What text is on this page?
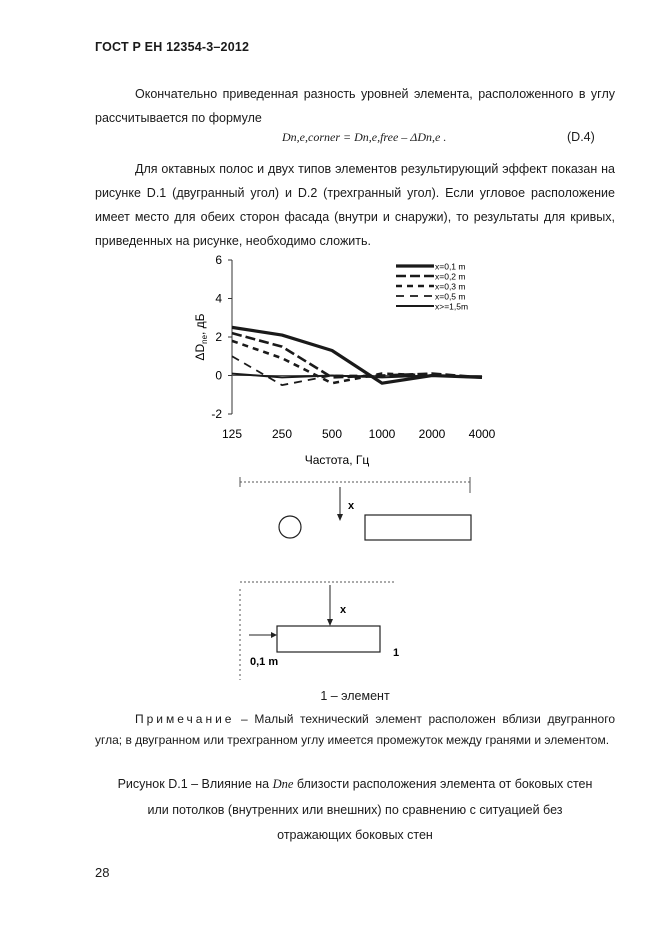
ГОСТ Р ЕН 12354-3–2012
Окончательно приведенная разность уровней элемента, расположенного в углу рассчитывается по формуле
Dn,e,corner = Dn,e,free – ΔDn,e .	(D.4)
Для октавных полос и двух типов элементов результирующий эффект показан на рисунке D.1 (двугранный угол) и D.2 (трехгранный угол). Если угловое расположение имеет место для обеих сторон фасада (внутри и снаружи), то результаты для кривых, приведенных на рисунке, необходимо сложить.
6
4
2
0
-2
125 250 500 1000 2000 4000
x=0,1 m
x=0,2 m
x=0,3 m
x=0,5 m
x>=1,5m
Частота, Гц
$\Delta D_{ne}$, дБ
x
x
0,1 m
1
1 – элемент
Примечание – Малый технический элемент расположен вблизи двугранного угла; в двугранном или трехгранном углу имеется промежуток между гранями и элементом.
Рисунок D.1 – Влияние на Dne близости расположения элемента от боковых стен
или потолков (внутренних или внешних) по сравнению с ситуацией без
отражающих боковых стен
28
